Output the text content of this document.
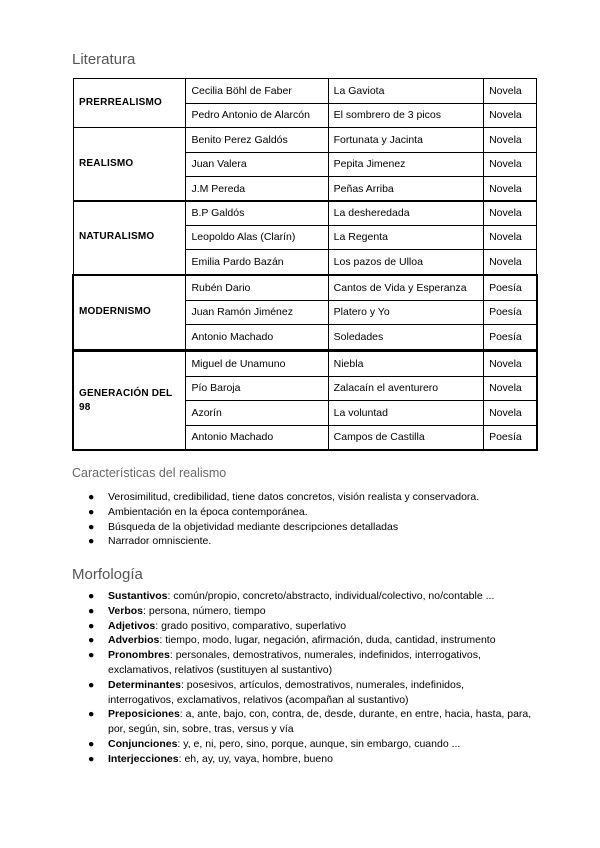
Literatura
PRERREALISMO	Cecilia Böhl de Faber	La Gaviota	Novela
	Pedro Antonio de Alarcón	El sombrero de 3 picos	Novela
REALISMO	Benito Perez Galdós	Fortunata y Jacinta	Novela
	Juan Valera	Pepita Jimenez	Novela
	J.M Pereda	Peñas Arriba	Novela
NATURALISMO	B.P Galdós	La desheredada	Novela
	Leopoldo Alas (Clarín)	La Regenta	Novela
	Emilia Pardo Bazán	Los pazos de Ulloa	Novela
MODERNISMO	Rubén Dario	Cantos de Vida y Esperanza	Poesía
	Juan Ramón Jiménez	Platero y Yo	Poesía
	Antonio Machado	Soledades	Poesía
GENERACIÓN DEL 98	Miguel de Unamuno	Niebla	Novela
	Pío Baroja	Zalacaín el aventurero	Novela
	Azorín	La voluntad	Novela
	Antonio Machado	Campos de Castilla	Poesía
Características del realismo
● Verosimilitud, credibilidad, tiene datos concretos, visión realista y conservadora.
● Ambientación en la época contemporánea.
● Búsqueda de la objetividad mediante descripciones detalladas
● Narrador omnisciente.
Morfología
● Sustantivos: común/propio, concreto/abstracto, individual/colectivo, no/contable ...
● Verbos: persona, número, tiempo
● Adjetivos: grado positivo, comparativo, superlativo
● Adverbios: tiempo, modo, lugar, negación, afirmación, duda, cantidad, instrumento
● Pronombres: personales, demostrativos, numerales, indefinidos, interrogativos, exclamativos, relativos (sustituyen al sustantivo)
● Determinantes: posesivos, artículos, demostrativos, numerales, indefinidos, interrogativos, exclamativos, relativos (acompañan al sustantivo)
● Preposiciones: a, ante, bajo, con, contra, de, desde, durante, en entre, hacia, hasta, para, por, según, sin, sobre, tras, versus y vía
● Conjunciones: y, e, ni, pero, sino, porque, aunque, sin embargo, cuando ...
● Interjecciones: eh, ay, uy, vaya, hombre, bueno
